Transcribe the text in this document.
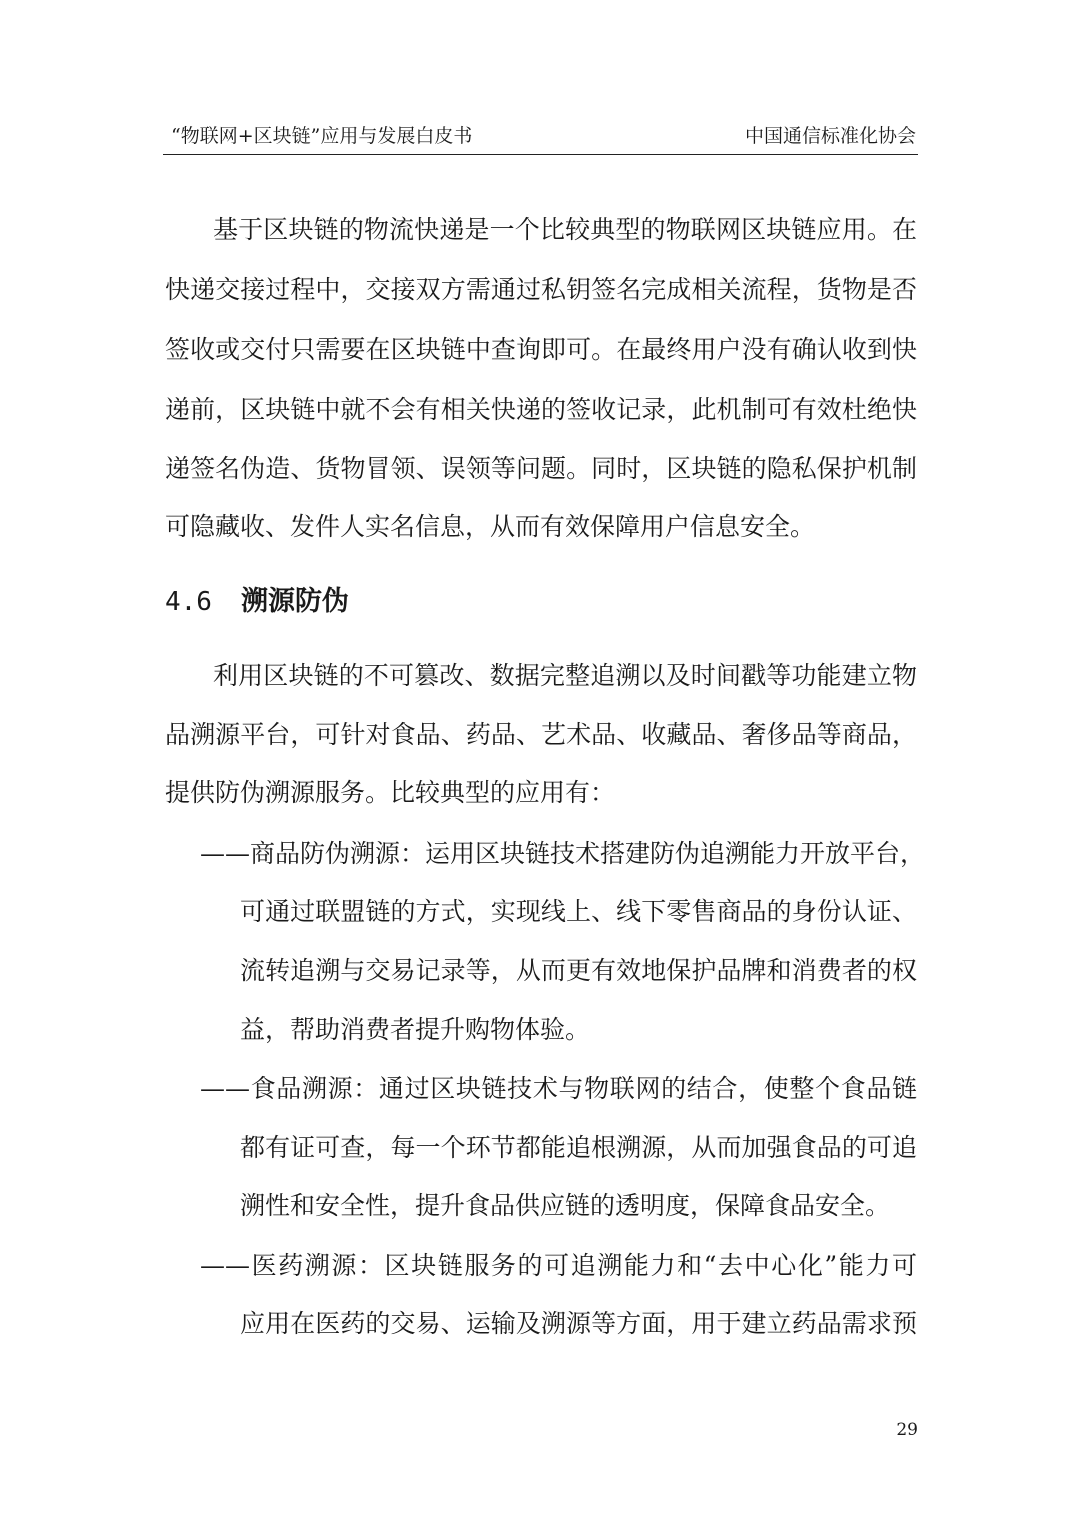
“物联网+区块链”应用与发展白皮书	中国通信标准化协会
基于区块链的物流快递是一个比较典型的物联网区块链应用。在
快递交接过程中，交接双方需通过私钥签名完成相关流程，货物是否
签收或交付只需要在区块链中查询即可。在最终用户没有确认收到快
递前，区块链中就不会有相关快递的签收记录，此机制可有效杜绝快
递签名伪造、货物冒领、误领等问题。同时，区块链的隐私保护机制
可隐藏收、发件人实名信息，从而有效保障用户信息安全。
4.6 溯源防伪
利用区块链的不可篡改、数据完整追溯以及时间戳等功能建立物
品溯源平台，可针对食品、药品、艺术品、收藏品、奢侈品等商品，
提供防伪溯源服务。比较典型的应用有：
——商品防伪溯源：运用区块链技术搭建防伪追溯能力开放平台，
可通过联盟链的方式，实现线上、线下零售商品的身份认证、
流转追溯与交易记录等，从而更有效地保护品牌和消费者的权
益，帮助消费者提升购物体验。
——食品溯源：通过区块链技术与物联网的结合，使整个食品链
都有证可查，每一个环节都能追根溯源，从而加强食品的可追
溯性和安全性，提升食品供应链的透明度，保障食品安全。
——医药溯源：区块链服务的可追溯能力和“去中心化”能力可
应用在医药的交易、运输及溯源等方面，用于建立药品需求预
29
